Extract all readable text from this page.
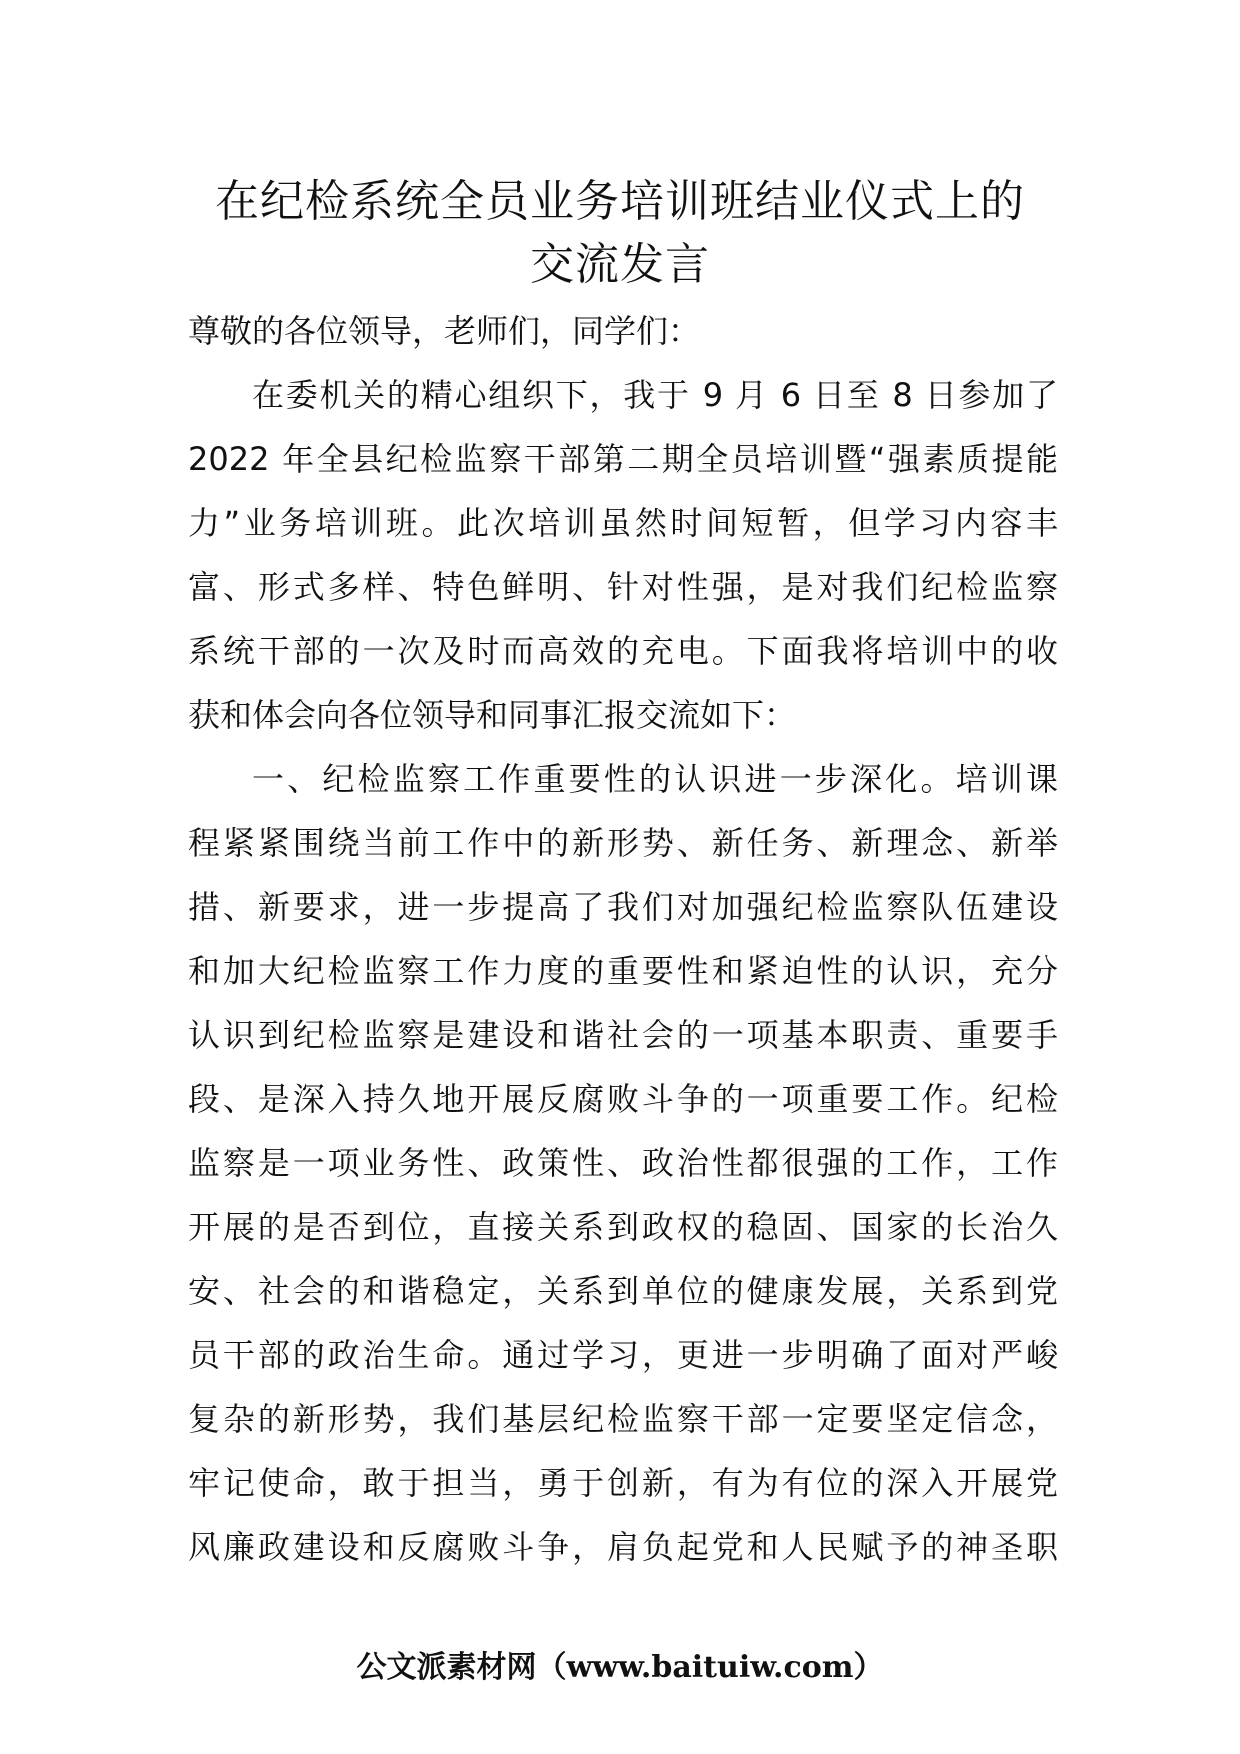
在纪检系统全员业务培训班结业仪式上的
交流发言
尊敬的各位领导，老师们，同学们：
在委机关的精心组织下，我于 9 月 6 日至 8 日参加了
2022 年全县纪检监察干部第二期全员培训暨“强素质提能
力”业务培训班。此次培训虽然时间短暂，但学习内容丰
富、形式多样、特色鲜明、针对性强，是对我们纪检监察
系统干部的一次及时而高效的充电。下面我将培训中的收
获和体会向各位领导和同事汇报交流如下：
一、纪检监察工作重要性的认识进一步深化。培训课
程紧紧围绕当前工作中的新形势、新任务、新理念、新举
措、新要求，进一步提高了我们对加强纪检监察队伍建设
和加大纪检监察工作力度的重要性和紧迫性的认识，充分
认识到纪检监察是建设和谐社会的一项基本职责、重要手
段、是深入持久地开展反腐败斗争的一项重要工作。纪检
监察是一项业务性、政策性、政治性都很强的工作，工作
开展的是否到位，直接关系到政权的稳固、国家的长治久
安、社会的和谐稳定，关系到单位的健康发展，关系到党
员干部的政治生命。通过学习，更进一步明确了面对严峻
复杂的新形势，我们基层纪检监察干部一定要坚定信念，
牢记使命，敢于担当，勇于创新，有为有位的深入开展党
风廉政建设和反腐败斗争，肩负起党和人民赋予的神圣职
公文派素材网（www.baituiw.com）
